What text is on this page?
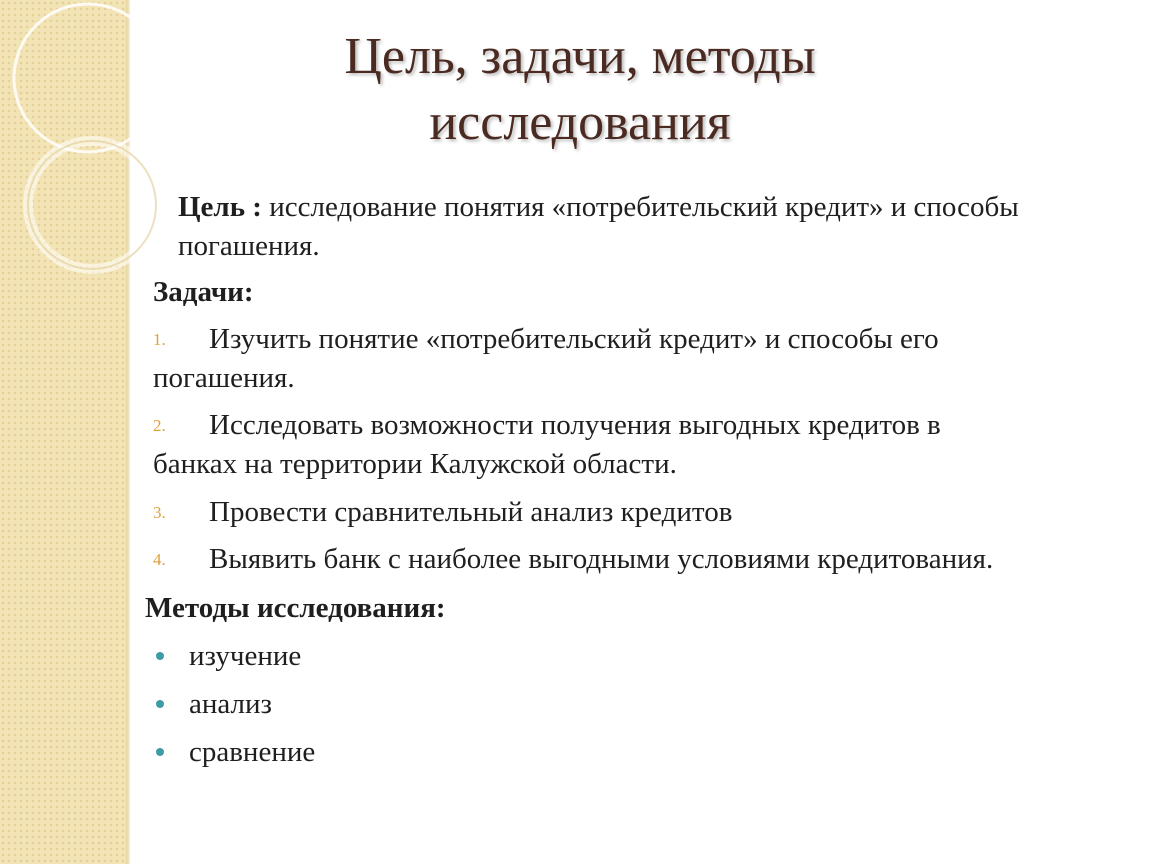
Цель, задачи, методы
исследования
Цель : исследование понятия «потребительский кредит» и способы
погашения.
Задачи:
1. Изучить понятие «потребительский кредит» и способы его
погашения.
2. Исследовать возможности получения выгодных кредитов в
банках на территории Калужской области.
3. Провести сравнительный анализ кредитов
4. Выявить банк с наиболее выгодными условиями кредитования.
Методы исследования:
изучение
анализ
сравнение
